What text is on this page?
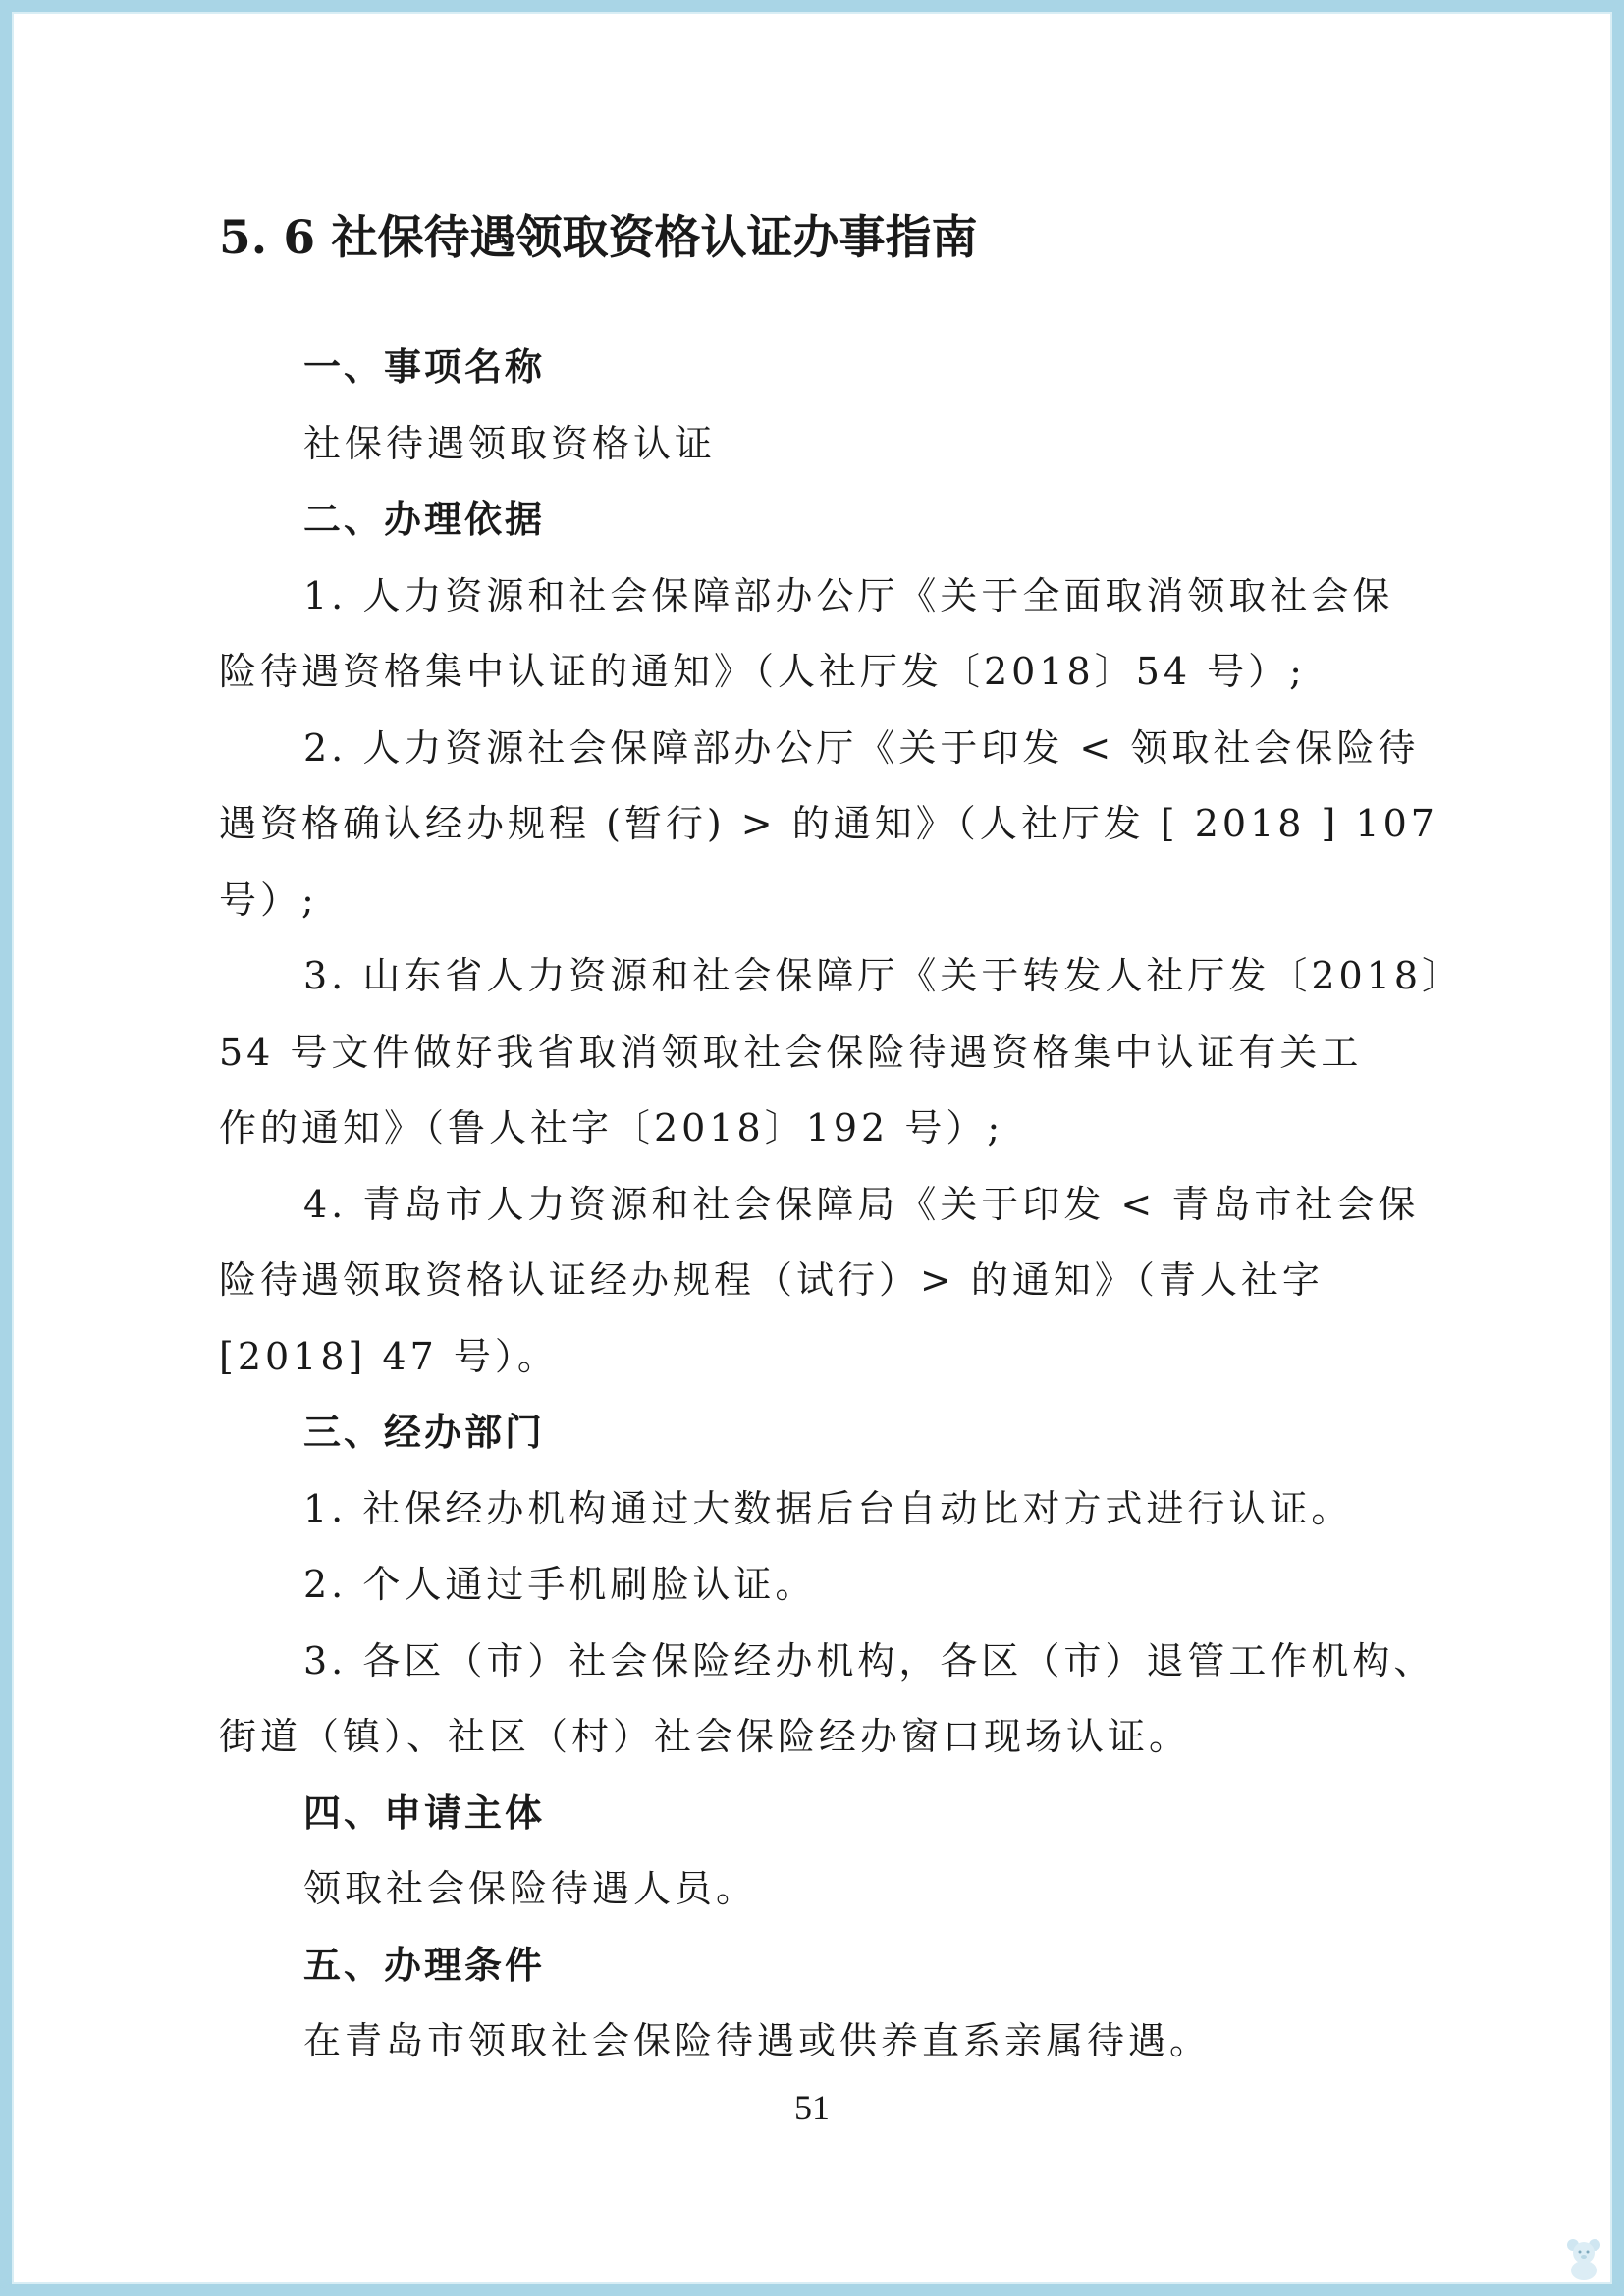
5. 6 社保待遇领取资格认证办事指南

一、事项名称

社保待遇领取资格认证

二、办理依据

1. 人力资源和社会保障部办公厅《关于全面取消领取社会保

险待遇资格集中认证的通知》（人社厅发〔2018〕54 号）;

2. 人力资源社会保障部办公厅《关于印发 < 领取社会保险待

遇资格确认经办规程 (暂行) > 的通知》（人社厅发 [ 2018 ] 107

号）;

3. 山东省人力资源和社会保障厅《关于转发人社厅发〔2018〕

54 号文件做好我省取消领取社会保险待遇资格集中认证有关工

作的通知》（鲁人社字〔2018〕192 号）;

4. 青岛市人力资源和社会保障局《关于印发 < 青岛市社会保

险待遇领取资格认证经办规程（试行）> 的通知》（青人社字

[2018] 47 号）。

三、经办部门

1. 社保经办机构通过大数据后台自动比对方式进行认证。

2. 个人通过手机刷脸认证。

3. 各区（市）社会保险经办机构，各区（市）退管工作机构、

街道（镇）、社区（村）社会保险经办窗口现场认证。

四、申请主体

领取社会保险待遇人员。

五、办理条件

在青岛市领取社会保险待遇或供养直系亲属待遇。

51
